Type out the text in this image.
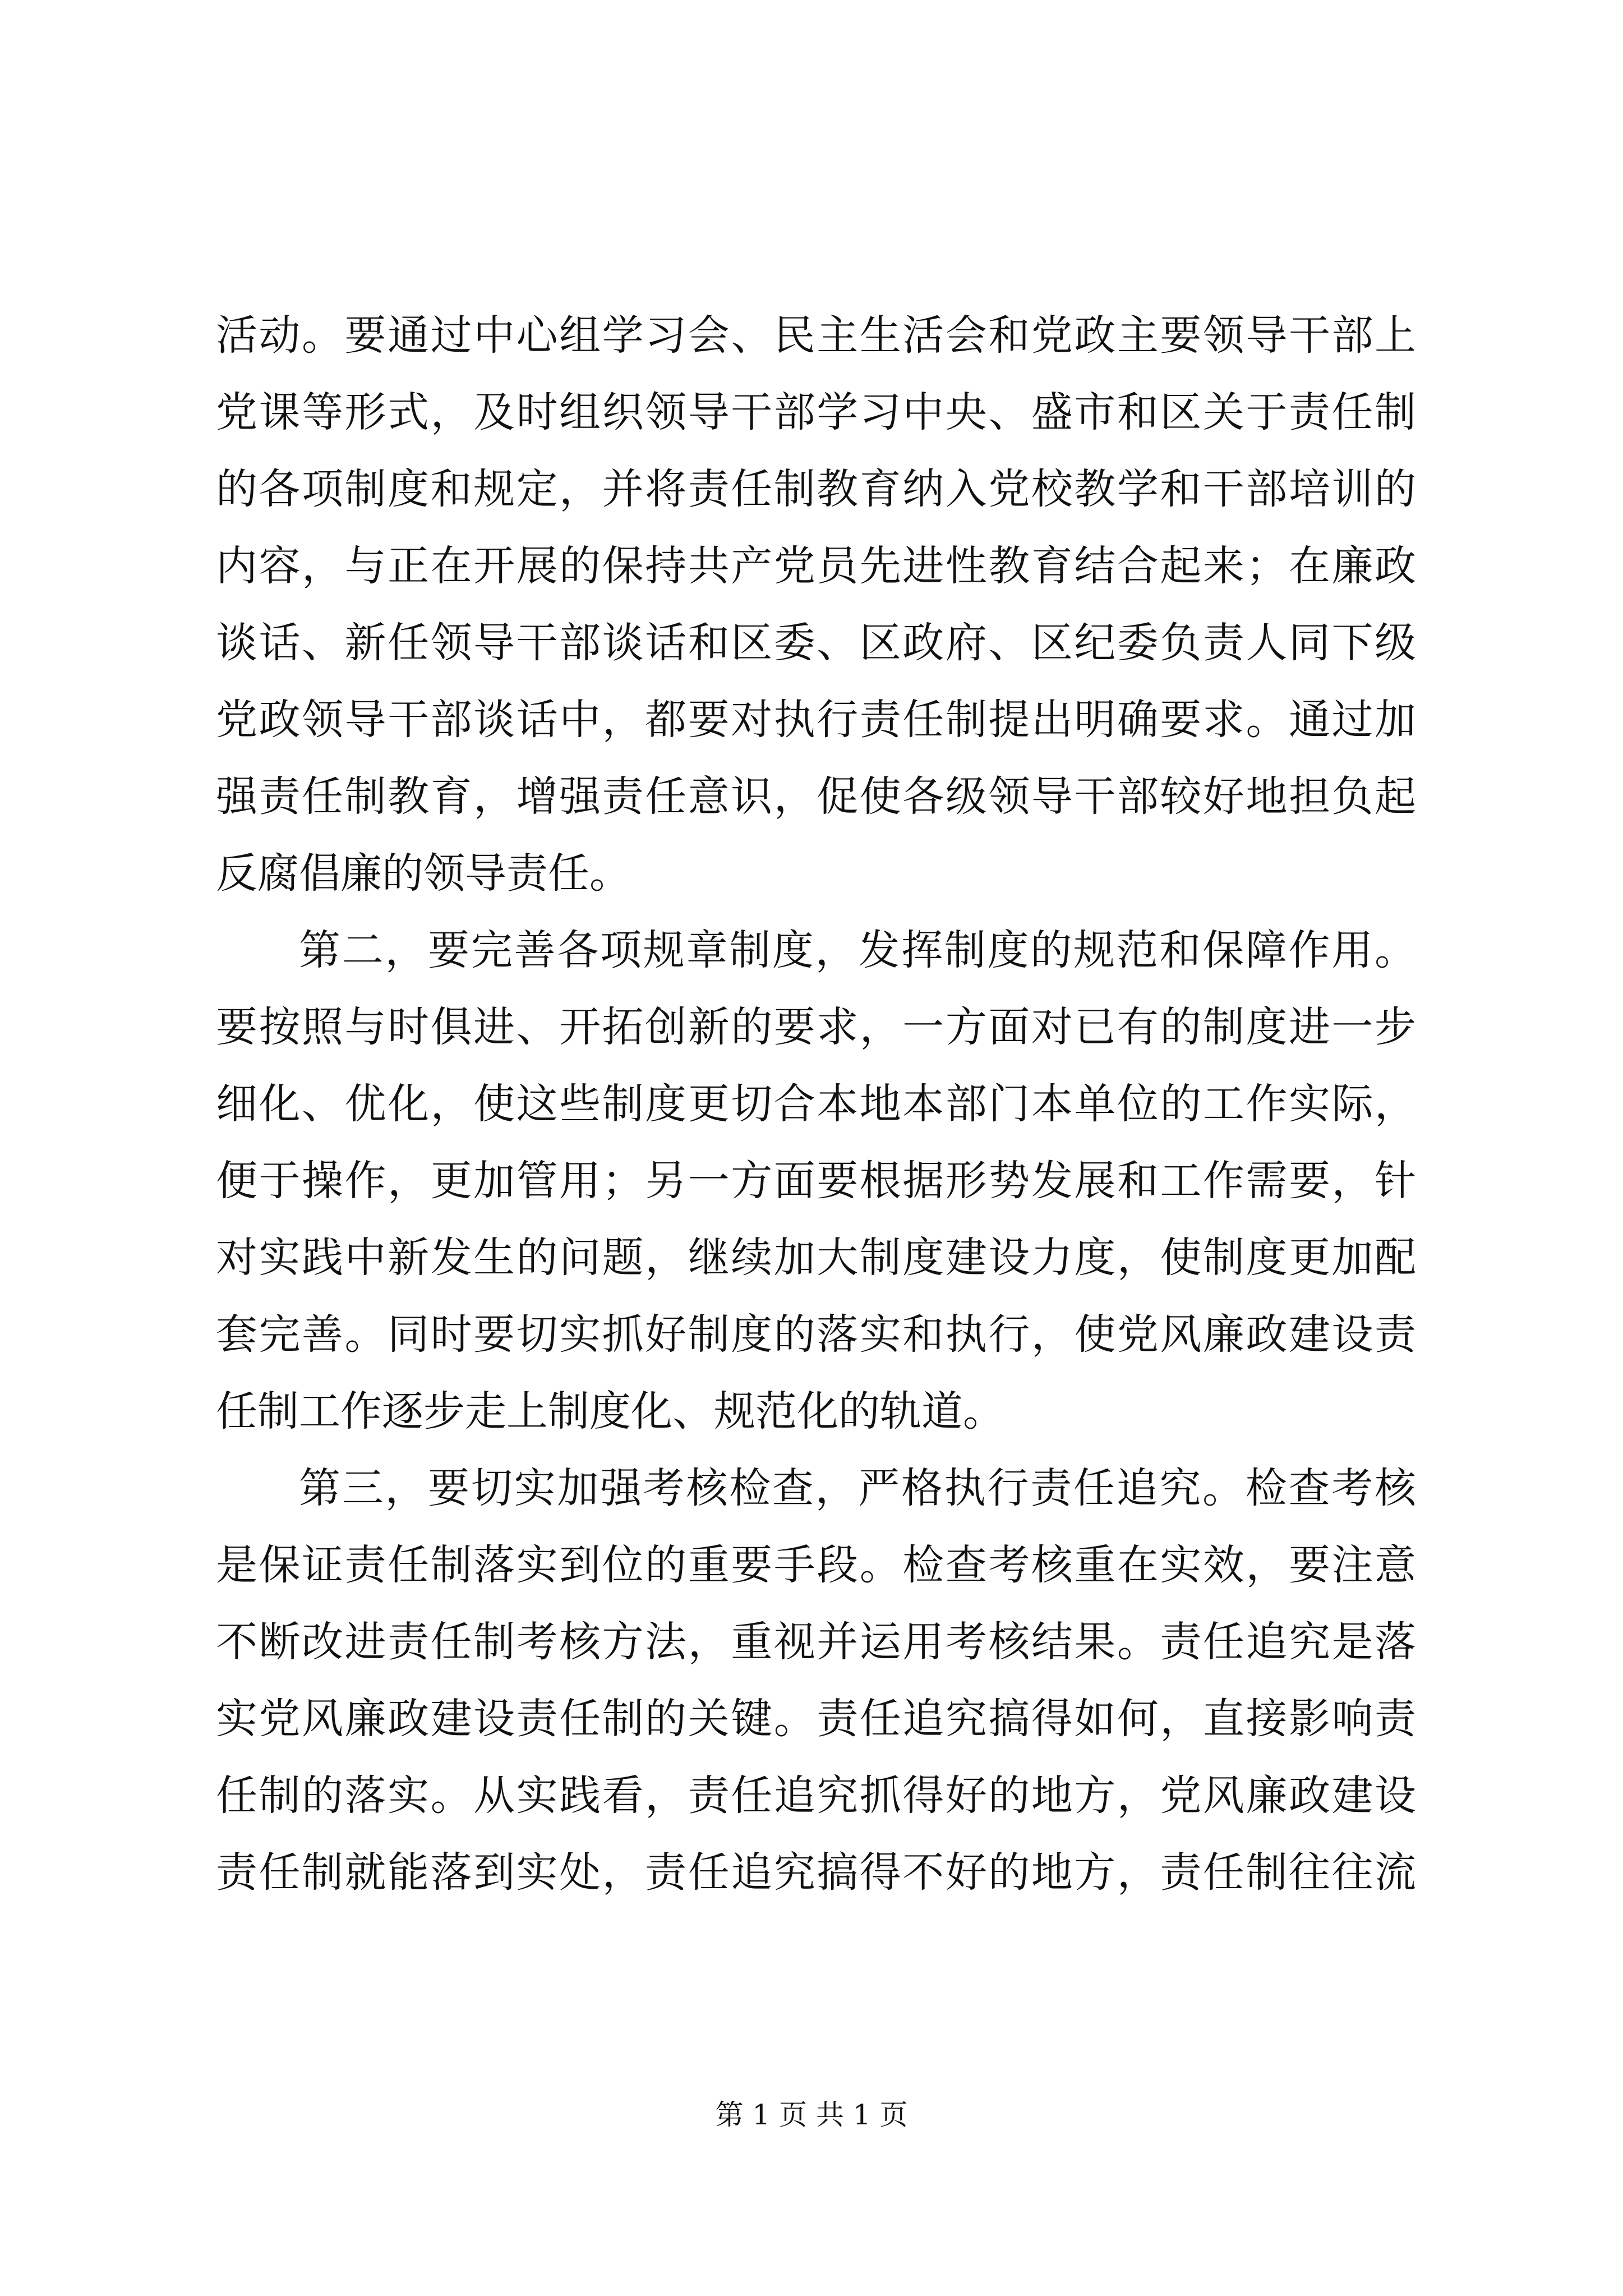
活动。要通过中心组学习会、民主生活会和党政主要领导干部上
党课等形式，及时组织领导干部学习中央、盛市和区关于责任制
的各项制度和规定，并将责任制教育纳入党校教学和干部培训的
内容，与正在开展的保持共产党员先进性教育结合起来；在廉政
谈话、新任领导干部谈话和区委、区政府、区纪委负责人同下级
党政领导干部谈话中，都要对执行责任制提出明确要求。通过加
强责任制教育，增强责任意识，促使各级领导干部较好地担负起
反腐倡廉的领导责任。
第二，要完善各项规章制度，发挥制度的规范和保障作用。
要按照与时俱进、开拓创新的要求，一方面对已有的制度进一步
细化、优化，使这些制度更切合本地本部门本单位的工作实际，
便于操作，更加管用；另一方面要根据形势发展和工作需要，针
对实践中新发生的问题，继续加大制度建设力度，使制度更加配
套完善。同时要切实抓好制度的落实和执行，使党风廉政建设责
任制工作逐步走上制度化、规范化的轨道。
第三，要切实加强考核检查，严格执行责任追究。检查考核
是保证责任制落实到位的重要手段。检查考核重在实效，要注意
不断改进责任制考核方法，重视并运用考核结果。责任追究是落
实党风廉政建设责任制的关键。责任追究搞得如何，直接影响责
任制的落实。从实践看，责任追究抓得好的地方，党风廉政建设
责任制就能落到实处，责任追究搞得不好的地方，责任制往往流
第 1 页 共 1 页
